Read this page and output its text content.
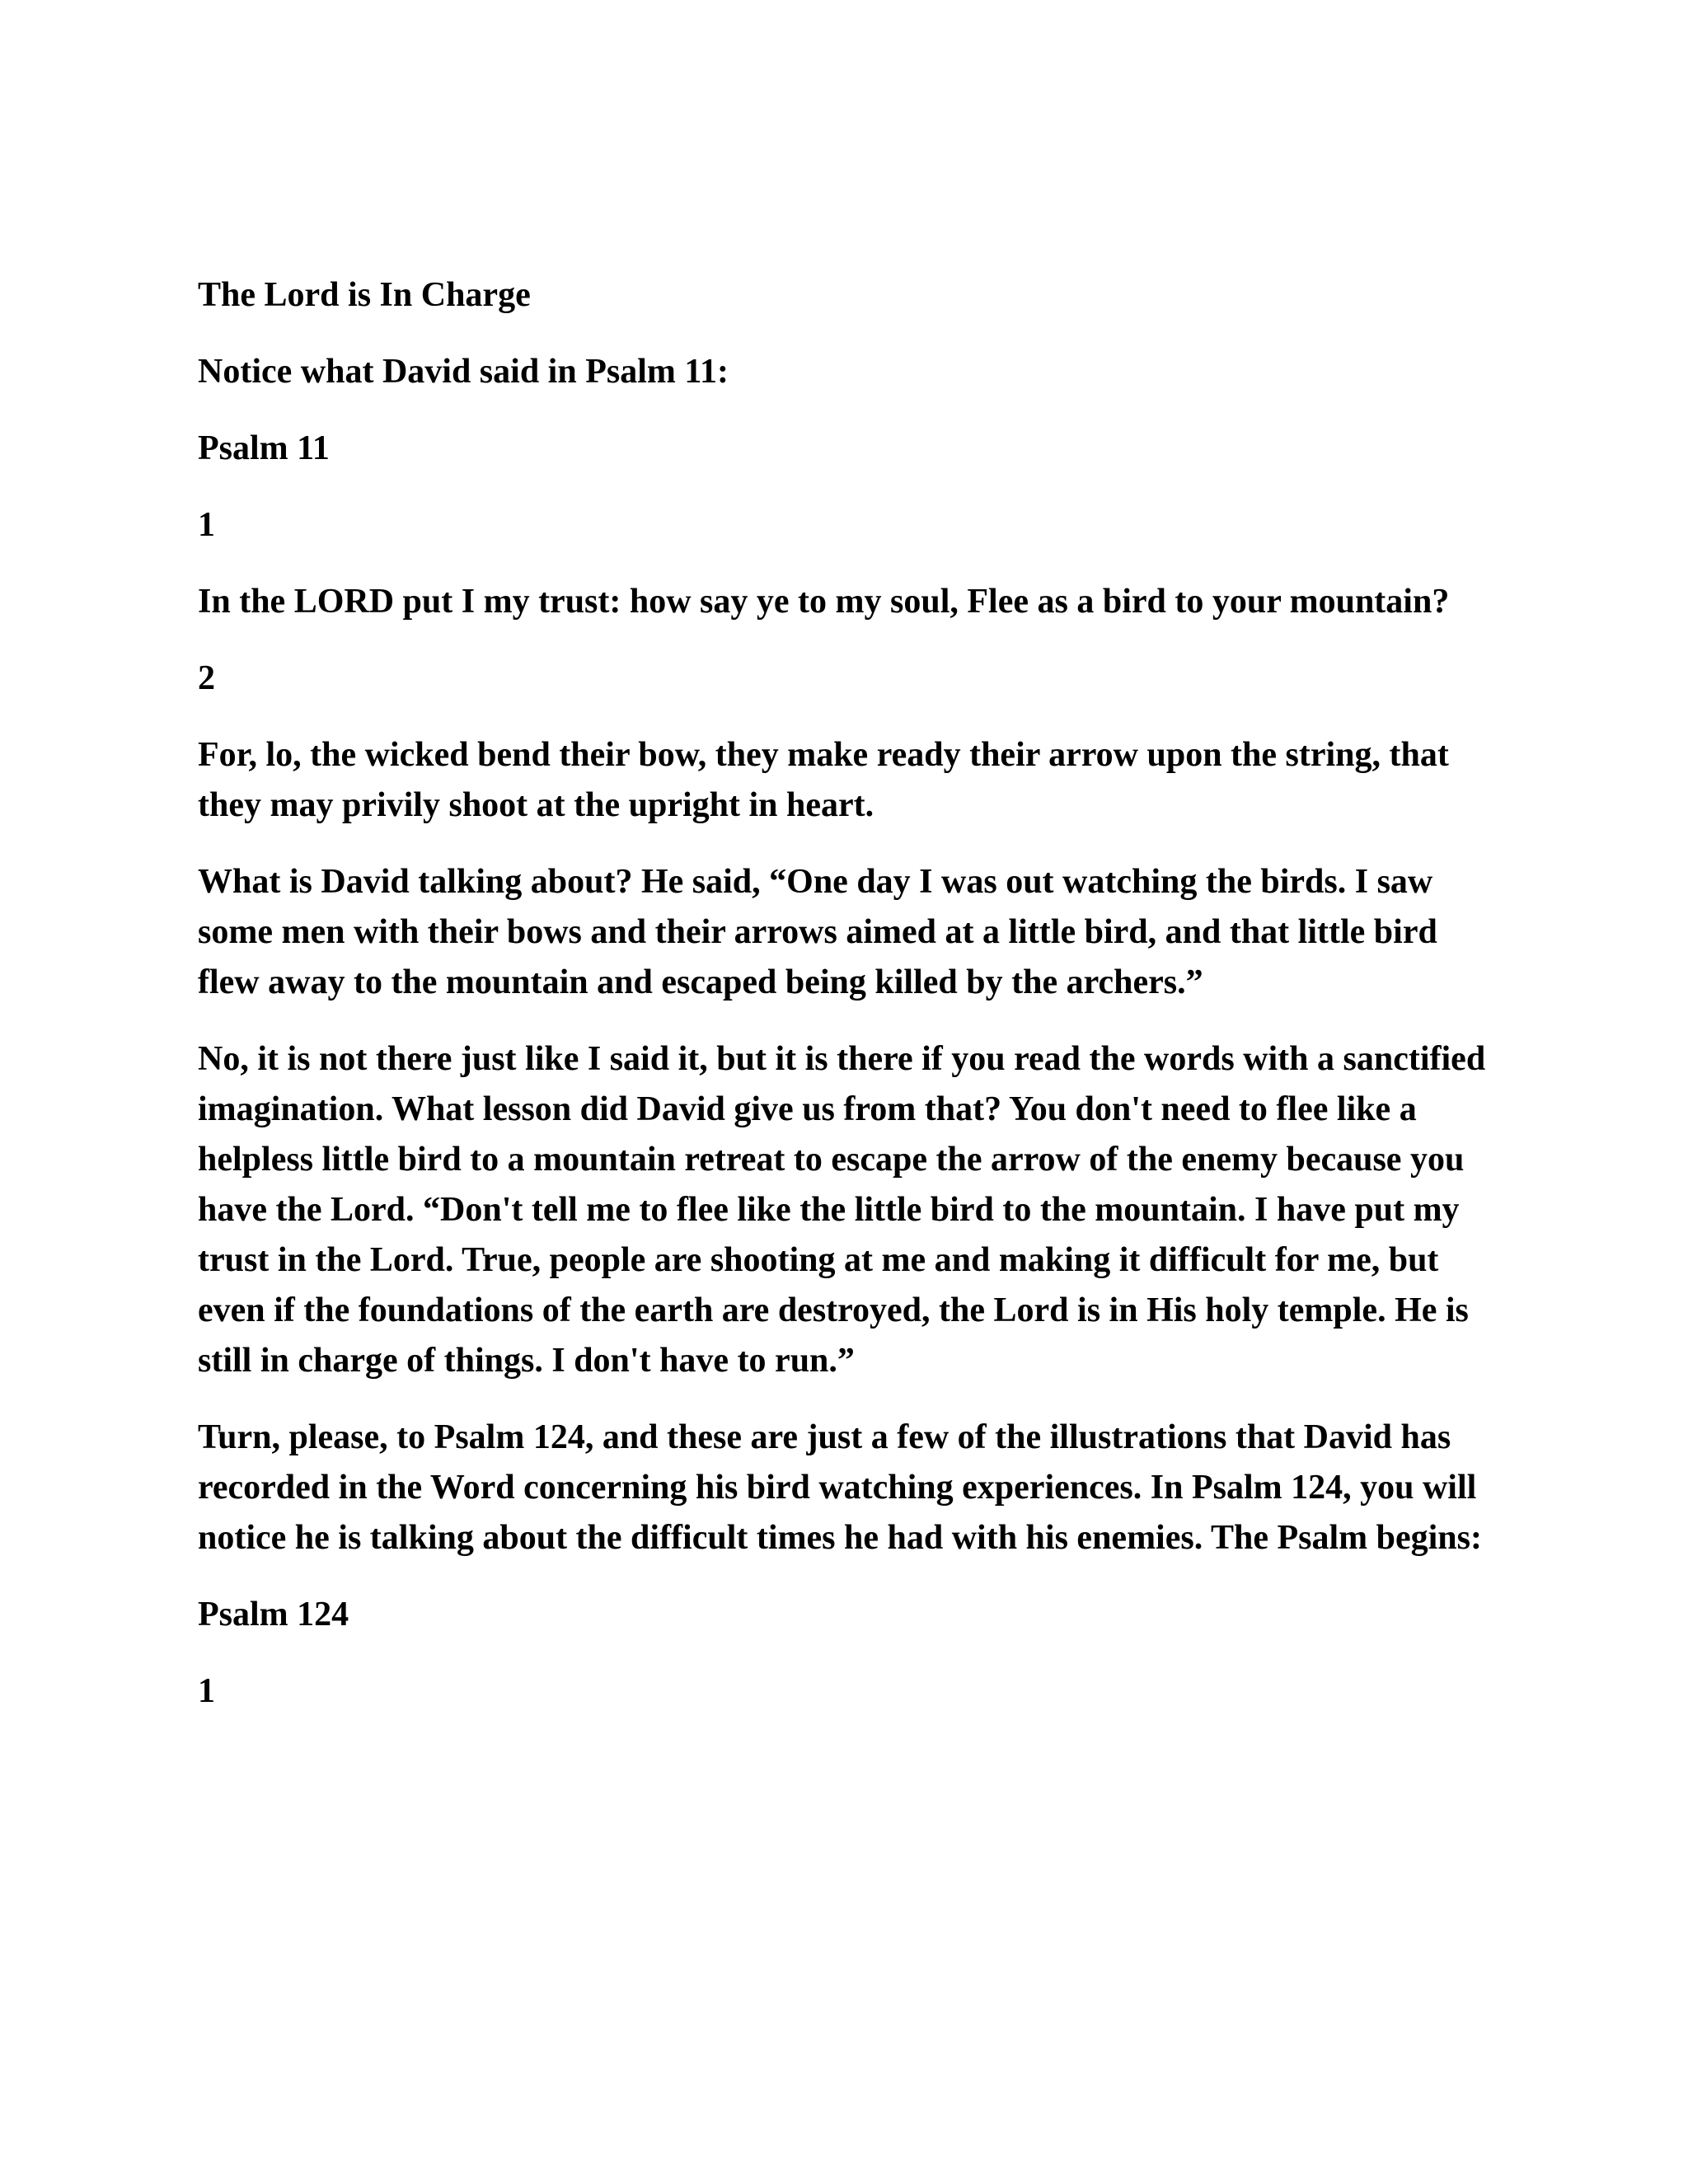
The Lord is In Charge

Notice what David said in Psalm 11:

Psalm 11

1

In the LORD put I my trust: how say ye to my soul, Flee as a bird to your mountain?

2

For, lo, the wicked bend their bow, they make ready their arrow upon the string, that they may privily shoot at the upright in heart.

What is David talking about? He said, “One day I was out watching the birds. I saw some men with their bows and their arrows aimed at a little bird, and that little bird flew away to the mountain and escaped being killed by the archers.”

No, it is not there just like I said it, but it is there if you read the words with a sanctified imagination. What lesson did David give us from that? You don't need to flee like a helpless little bird to a mountain retreat to escape the arrow of the enemy because you have the Lord. “Don't tell me to flee like the little bird to the mountain. I have put my trust in the Lord. True, people are shooting at me and making it difficult for me, but even if the foundations of the earth are destroyed, the Lord is in His holy temple. He is still in charge of things. I don't have to run.”

Turn, please, to Psalm 124, and these are just a few of the illustrations that David has recorded in the Word concerning his bird watching experiences. In Psalm 124, you will notice he is talking about the difficult times he had with his enemies. The Psalm begins:

Psalm 124

1
